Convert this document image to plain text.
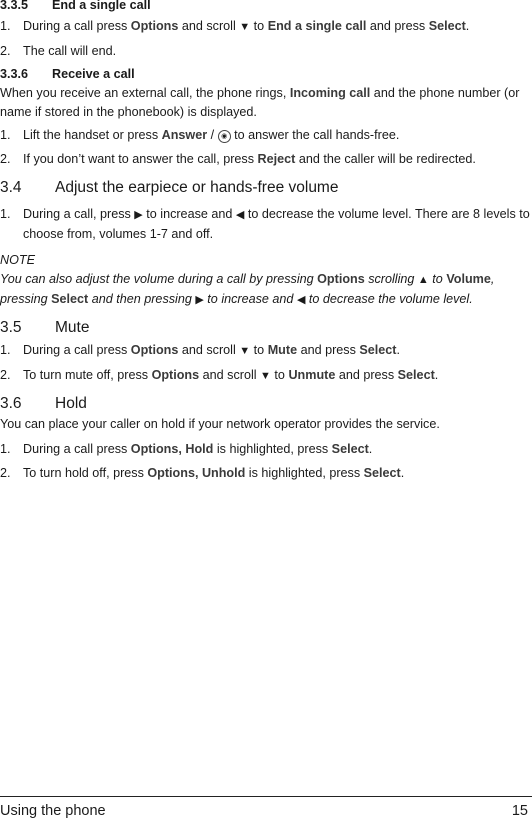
3.3.5 End a single call
1. During a call press Options and scroll ▼ to End a single call and press Select.
2. The call will end.
3.3.6 Receive a call
When you receive an external call, the phone rings, Incoming call and the phone number (or name if stored in the phonebook) is displayed.
1. Lift the handset or press Answer / ◉ to answer the call hands-free.
2. If you don’t want to answer the call, press Reject and the caller will be redirected.
3.4 Adjust the earpiece or hands-free volume
1. During a call, press ▶ to increase and ◀ to decrease the volume level. There are 8 levels to choose from, volumes 1-7 and off.
NOTE
You can also adjust the volume during a call by pressing Options scrolling ▲ to Volume, pressing Select and then pressing ▶ to increase and ◀ to decrease the volume level.
3.5 Mute
1. During a call press Options and scroll ▼ to Mute and press Select.
2. To turn mute off, press Options and scroll ▼ to Unmute and press Select.
3.6 Hold
You can place your caller on hold if your network operator provides the service.
1. During a call press Options, Hold is highlighted, press Select.
2. To turn hold off, press Options, Unhold is highlighted, press Select.
Using the phone	15
